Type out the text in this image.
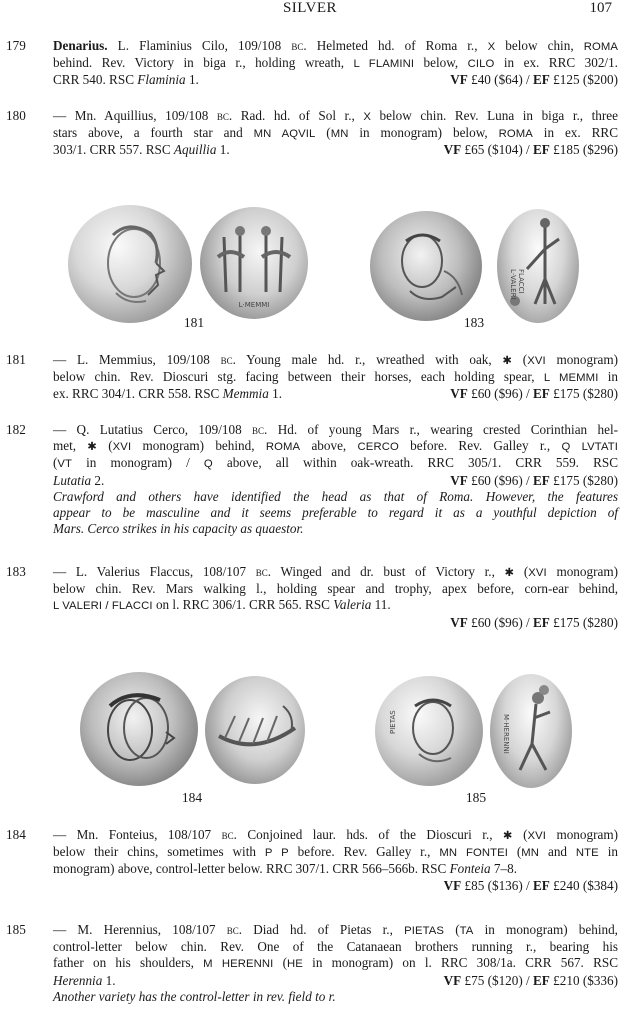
SILVER	107
179	Denarius. L. Flaminius Cilo, 109/108 bc. Helmeted hd. of Roma r., X below chin, ROMA
behind. Rev. Victory in biga r., holding wreath, L FLAMINI below, CILO in ex. RRC 302/1.
CRR 540. RSC Flaminia 1.	VF £40 ($64) / EF £125 ($200)
180	— Mn. Aquillius, 109/108 bc. Rad. hd. of Sol r., X below chin. Rev. Luna in biga r., three
stars above, a fourth star and MN AQVIL (MN in monogram) below, ROMA in ex. RRC
303/1. CRR 557. RSC Aquillia 1.	VF £65 ($104) / EF £185 ($296)
L·MEMMI
L·VALERI FLACCI
181	183
181	— L. Memmius, 109/108 bc. Young male hd. r., wreathed with oak, ✱ (XVI monogram)
below chin. Rev. Dioscuri stg. facing between their horses, each holding spear, L MEMMI in
ex. RRC 304/1. CRR 558. RSC Memmia 1.	VF £60 ($96) / EF £175 ($280)
182	— Q. Lutatius Cerco, 109/108 bc. Hd. of young Mars r., wearing crested Corinthian hel-
met, ✱ (XVI monogram) behind, ROMA above, CERCO before. Rev. Galley r., Q LVTATI
(VT in monogram) / Q above, all within oak-wreath. RRC 305/1. CRR 559. RSC
Lutatia 2.	VF £60 ($96) / EF £175 ($280)
Crawford and others have identified the head as that of Roma. However, the features
appear to be masculine and it seems preferable to regard it as a youthful depiction of
Mars. Cerco strikes in his capacity as quaestor.
183	— L. Valerius Flaccus, 108/107 bc. Winged and dr. bust of Victory r., ✱ (XVI monogram)
below chin. Rev. Mars walking l., holding spear and trophy, apex before, corn-ear behind,
L VALERI / FLACCI on l. RRC 306/1. CRR 565. RSC Valeria 11.
VF £60 ($96) / EF £175 ($280)
PIETAS	M·HERENNI
184	185
184	— Mn. Fonteius, 108/107 bc. Conjoined laur. hds. of the Dioscuri r., ✱ (XVI monogram)
below their chins, sometimes with P P before. Rev. Galley r., MN FONTEI (MN and NTE in
monogram) above, control-letter below. RRC 307/1. CRR 566–566b. RSC Fonteia 7–8.
VF £85 ($136) / EF £240 ($384)
185	— M. Herennius, 108/107 bc. Diad hd. of Pietas r., PIETAS (TA in monogram) behind,
control-letter below chin. Rev. One of the Catanaean brothers running r., bearing his
father on his shoulders, M HERENNI (HE in monogram) on l. RRC 308/1a. CRR 567. RSC
Herennia 1.	VF £75 ($120) / EF £210 ($336)
Another variety has the control-letter in rev. field to r.
